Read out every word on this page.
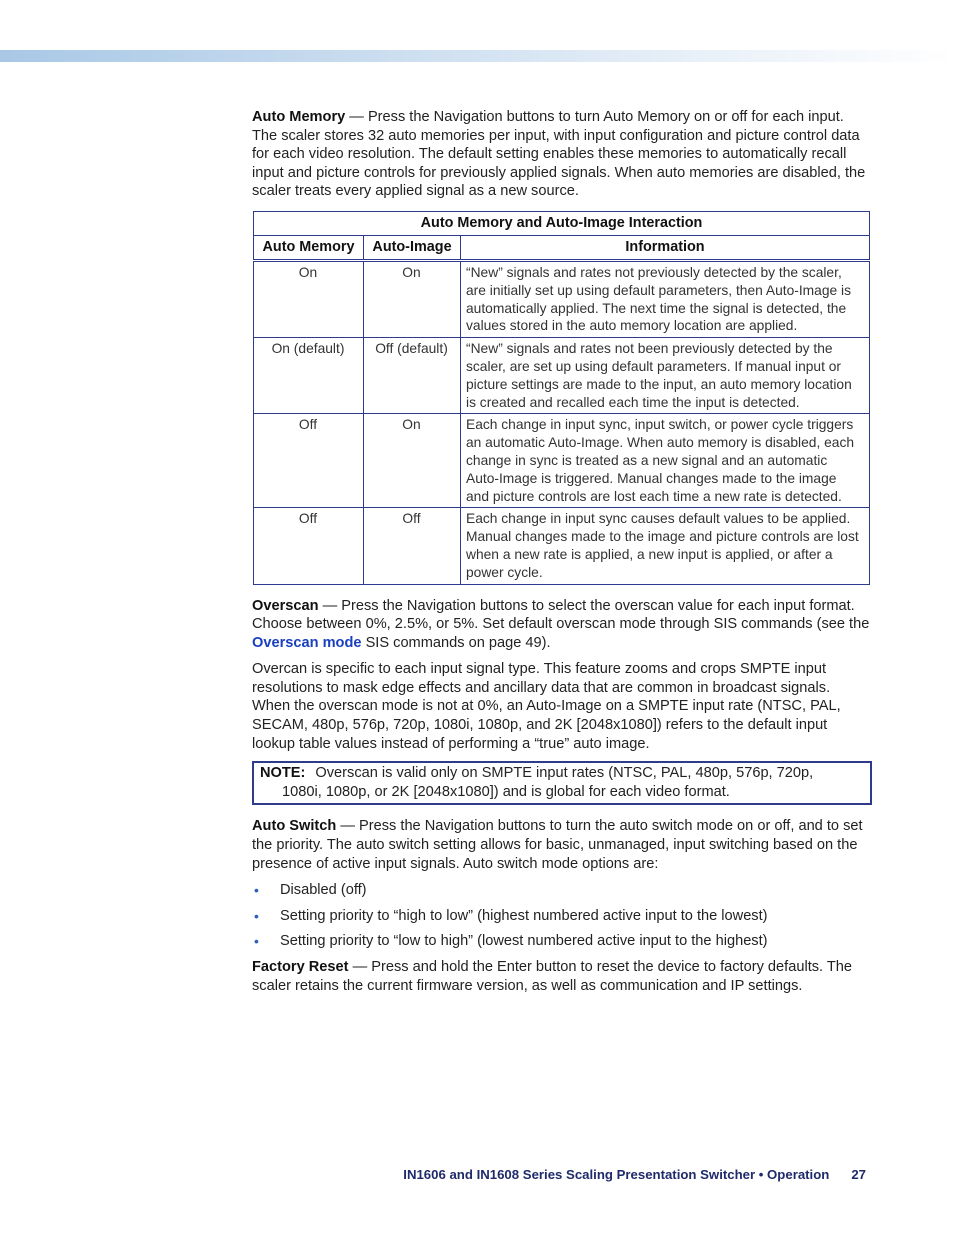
Auto Memory — Press the Navigation buttons to turn Auto Memory on or off for each input. The scaler stores 32 auto memories per input, with input configuration and picture control data for each video resolution. The default setting enables these memories to automatically recall input and picture controls for previously applied signals. When auto memories are disabled, the scaler treats every applied signal as a new source.

Auto Memory and Auto-Image Interaction		
Auto Memory	Auto-Image	Information
On	On	“New” signals and rates not previously detected by the scaler, are initially set up using default parameters, then Auto-Image is automatically applied. The next time the signal is detected, the values stored in the auto memory location are applied.
On (default)	Off (default)	“New” signals and rates not been previously detected by the scaler, are set up using default parameters. If manual input or picture settings are made to the input, an auto memory location is created and recalled each time the input is detected.
Off	On	Each change in input sync, input switch, or power cycle triggers an automatic Auto-Image. When auto memory is disabled, each change in sync is treated as a new signal and an automatic Auto-Image is triggered. Manual changes made to the image and picture controls are lost each time a new rate is detected.
Off	Off	Each change in input sync causes default values to be applied. Manual changes made to the image and picture controls are lost when a new rate is applied, a new input is applied, or after a power cycle.

Overscan — Press the Navigation buttons to select the overscan value for each input format. Choose between 0%, 2.5%, or 5%. Set default overscan mode through SIS commands (see the Overscan mode SIS commands on page 49).

Overcan is specific to each input signal type. This feature zooms and crops SMPTE input resolutions to mask edge effects and ancillary data that are common in broadcast signals. When the overscan mode is not at 0%, an Auto-Image on a SMPTE input rate (NTSC, PAL, SECAM, 480p, 576p, 720p, 1080i, 1080p, and 2K [2048x1080]) refers to the default input lookup table values instead of performing a “true” auto image.

NOTE: Overscan is valid only on SMPTE input rates (NTSC, PAL, 480p, 576p, 720p,
1080i, 1080p, or 2K [2048x1080]) and is global for each video format.

Auto Switch — Press the Navigation buttons to turn the auto switch mode on or off, and to set the priority. The auto switch setting allows for basic, unmanaged, input switching based on the presence of active input signals. Auto switch mode options are:

• Disabled (off)
• Setting priority to “high to low” (highest numbered active input to the lowest)
• Setting priority to “low to high” (lowest numbered active input to the highest)

Factory Reset — Press and hold the Enter button to reset the device to factory defaults. The scaler retains the current firmware version, as well as communication and IP settings.

IN1606 and IN1608 Series Scaling Presentation Switcher • Operation 27
